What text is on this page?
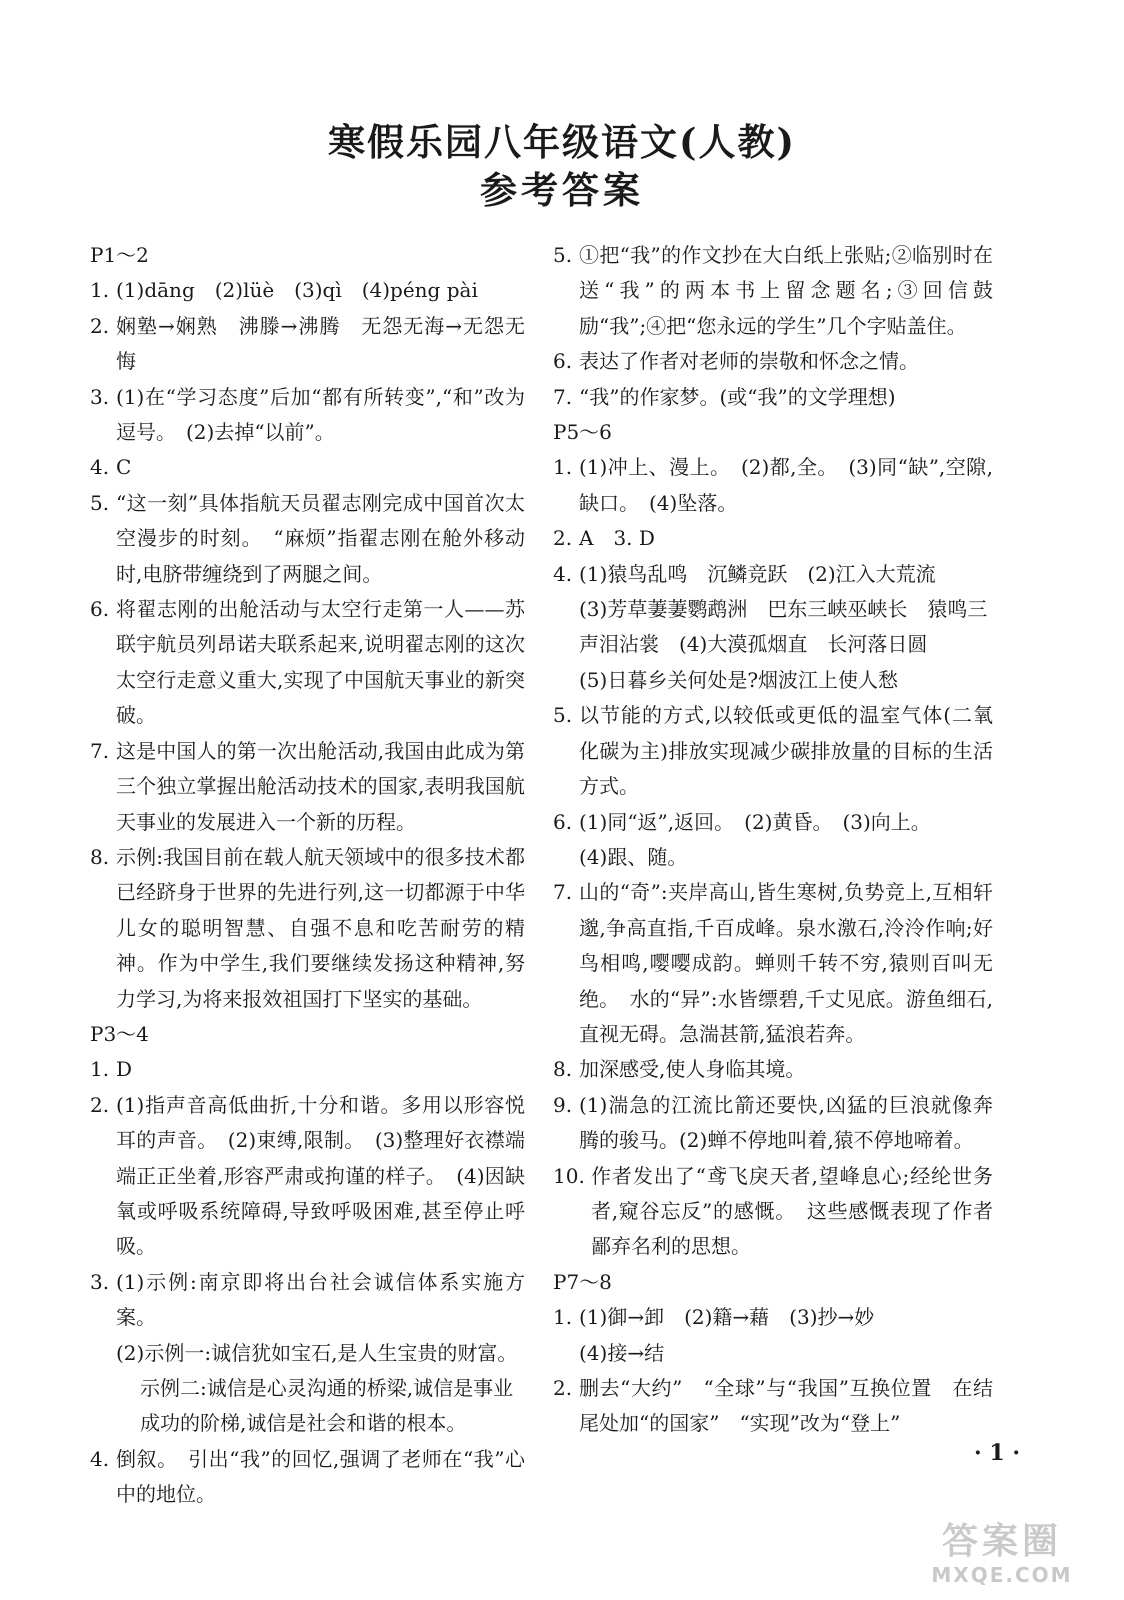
寒假乐园八年级语文(人教)
参考答案

P1～2

1. (1)dāng　(2)lüè　(3)qì　(4)péng pài

2. 娴塾→娴熟　沸滕→沸腾　无怨无海→无怨无悔

3. (1)在“学习态度”后加“都有所转变”,“和”改为逗号。　(2)去掉“以前”。

4. C

5. “这一刻”具体指航天员翟志刚完成中国首次太空漫步的时刻。　“麻烦”指翟志刚在舱外移动时,电脐带缠绕到了两腿之间。

6. 将翟志刚的出舱活动与太空行走第一人——苏联宇航员列昂诺夫联系起来,说明翟志刚的这次太空行走意义重大,实现了中国航天事业的新突破。

7. 这是中国人的第一次出舱活动,我国由此成为第三个独立掌握出舱活动技术的国家,表明我国航天事业的发展进入一个新的历程。

8. 示例:我国目前在载人航天领域中的很多技术都已经跻身于世界的先进行列,这一切都源于中华儿女的聪明智慧、自强不息和吃苦耐劳的精神。作为中学生,我们要继续发扬这种精神,努力学习,为将来报效祖国打下坚实的基础。

P3～4

1. D

2. (1)指声音高低曲折,十分和谐。多用以形容悦耳的声音。　(2)束缚,限制。　(3)整理好衣襟端端正正坐着,形容严肃或拘谨的样子。　(4)因缺氧或呼吸系统障碍,导致呼吸困难,甚至停止呼吸。

3. (1)示例:南京即将出台社会诚信体系实施方案。

(2)示例一:诚信犹如宝石,是人生宝贵的财富。

示例二:诚信是心灵沟通的桥梁,诚信是事业成功的阶梯,诚信是社会和谐的根本。

4. 倒叙。　引出“我”的回忆,强调了老师在“我”心中的地位。

5. ①把“我”的作文抄在大白纸上张贴;②临别时在送“我”的两本书上留念题名;③回信鼓励“我”;④把“您永远的学生”几个字贴盖住。

6. 表达了作者对老师的崇敬和怀念之情。

7. “我”的作家梦。(或“我”的文学理想)

P5～6

1. (1)冲上、漫上。　(2)都,全。　(3)同“缺”,空隙,缺口。　(4)坠落。

2. A　3. D

4. (1)猿鸟乱鸣　沉鳞竞跃　(2)江入大荒流

(3)芳草萋萋鹦鹉洲　巴东三峡巫峡长　猿鸣三声泪沾裳　(4)大漠孤烟直　长河落日圆

(5)日暮乡关何处是?烟波江上使人愁

5. 以节能的方式,以较低或更低的温室气体(二氧化碳为主)排放实现减少碳排放量的目标的生活方式。

6. (1)同“返”,返回。　(2)黄昏。　(3)向上。

(4)跟、随。

7. 山的“奇”:夹岸高山,皆生寒树,负势竞上,互相轩邈,争高直指,千百成峰。泉水激石,泠泠作响;好鸟相鸣,嘤嘤成韵。蝉则千转不穷,猿则百叫无绝。　水的“异”:水皆缥碧,千丈见底。游鱼细石,直视无碍。急湍甚箭,猛浪若奔。

8. 加深感受,使人身临其境。

9. (1)湍急的江流比箭还要快,凶猛的巨浪就像奔腾的骏马。(2)蝉不停地叫着,猿不停地啼着。

10. 作者发出了“鸢飞戾天者,望峰息心;经纶世务者,窥谷忘反”的感慨。　这些感慨表现了作者鄙弃名利的思想。

P7～8

1. (1)御→卸　(2)籍→藉　(3)抄→妙

(4)接→结

2. 删去“大约”　“全球”与“我国”互换位置　在结尾处加“的国家”　“实现”改为“登上”

· 1 ·
答案圈
MXQE.COM
